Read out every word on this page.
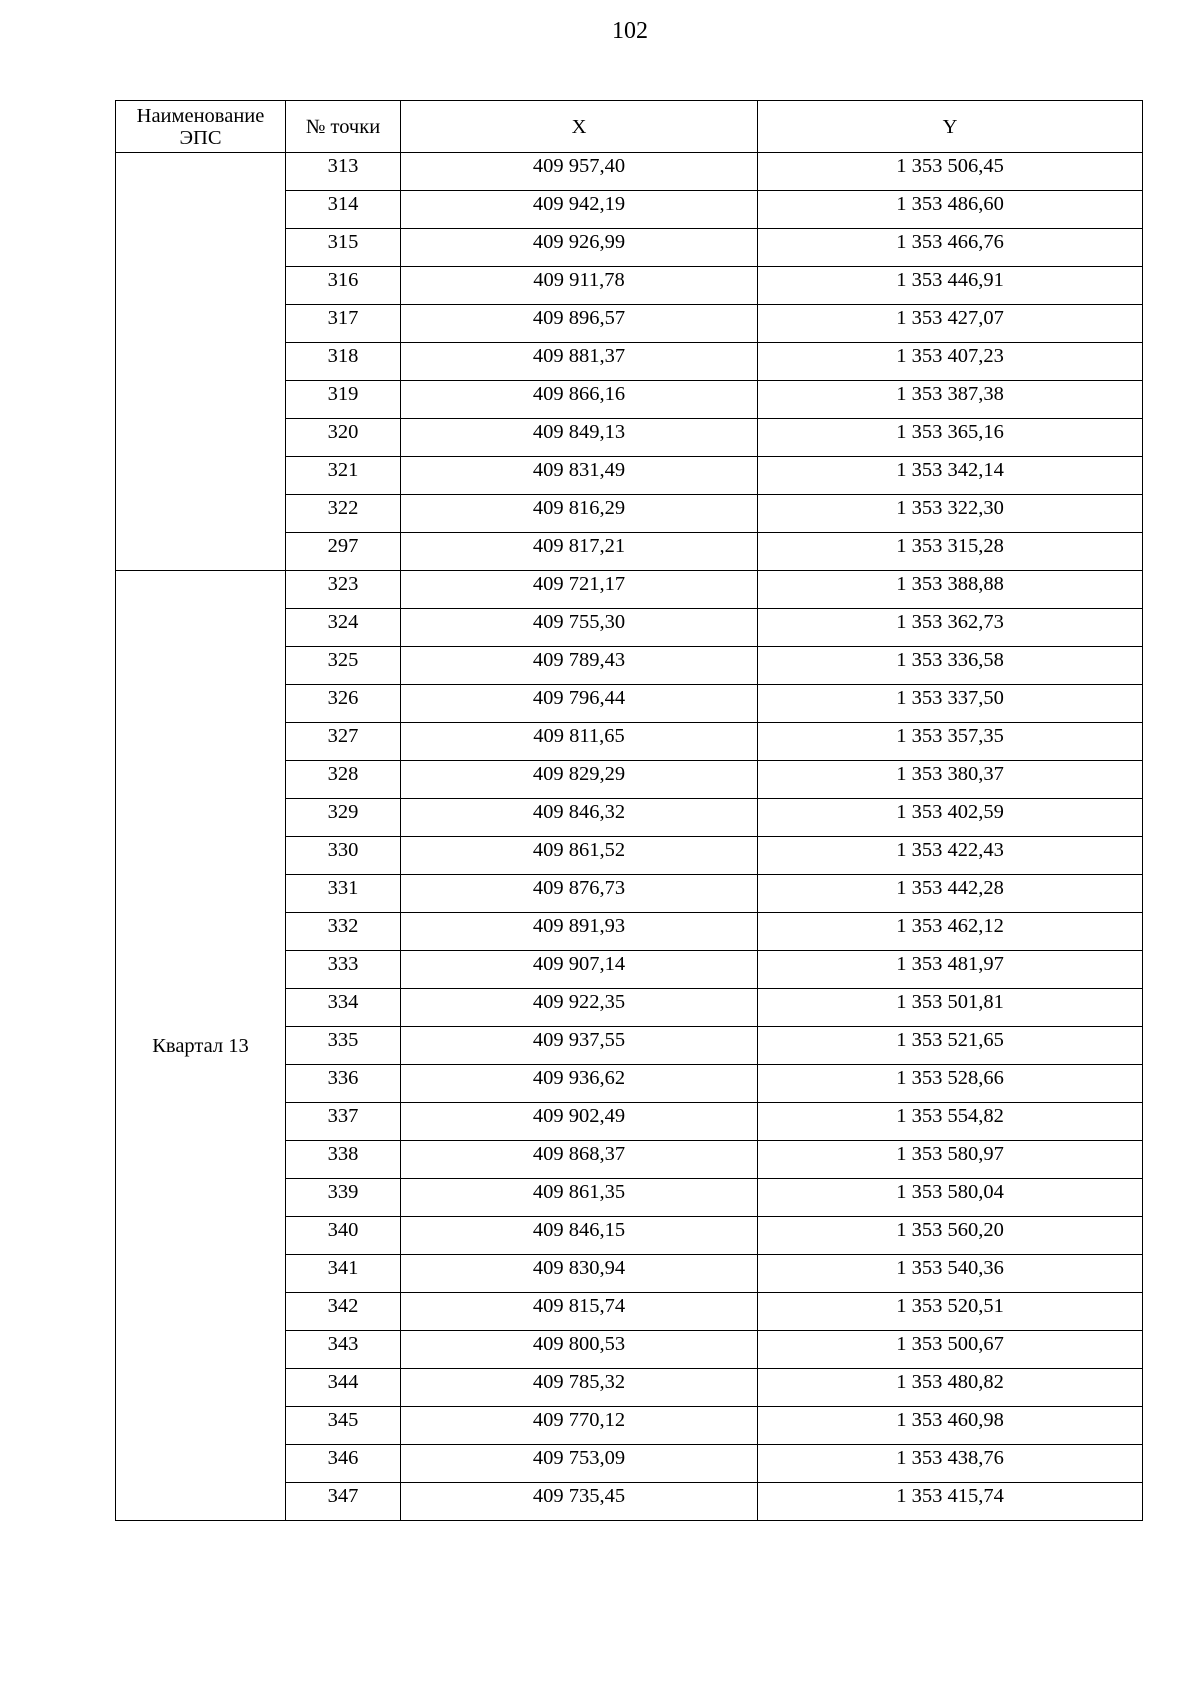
102
Наименование ЭПС	№ точки	X	Y
	313	409 957,40	1 353 506,45
	314	409 942,19	1 353 486,60
	315	409 926,99	1 353 466,76
	316	409 911,78	1 353 446,91
	317	409 896,57	1 353 427,07
	318	409 881,37	1 353 407,23
	319	409 866,16	1 353 387,38
	320	409 849,13	1 353 365,16
	321	409 831,49	1 353 342,14
	322	409 816,29	1 353 322,30
	297	409 817,21	1 353 315,28
Квартал 13	323	409 721,17	1 353 388,88
	324	409 755,30	1 353 362,73
	325	409 789,43	1 353 336,58
	326	409 796,44	1 353 337,50
	327	409 811,65	1 353 357,35
	328	409 829,29	1 353 380,37
	329	409 846,32	1 353 402,59
	330	409 861,52	1 353 422,43
	331	409 876,73	1 353 442,28
	332	409 891,93	1 353 462,12
	333	409 907,14	1 353 481,97
	334	409 922,35	1 353 501,81
	335	409 937,55	1 353 521,65
	336	409 936,62	1 353 528,66
	337	409 902,49	1 353 554,82
	338	409 868,37	1 353 580,97
	339	409 861,35	1 353 580,04
	340	409 846,15	1 353 560,20
	341	409 830,94	1 353 540,36
	342	409 815,74	1 353 520,51
	343	409 800,53	1 353 500,67
	344	409 785,32	1 353 480,82
	345	409 770,12	1 353 460,98
	346	409 753,09	1 353 438,76
	347	409 735,45	1 353 415,74
